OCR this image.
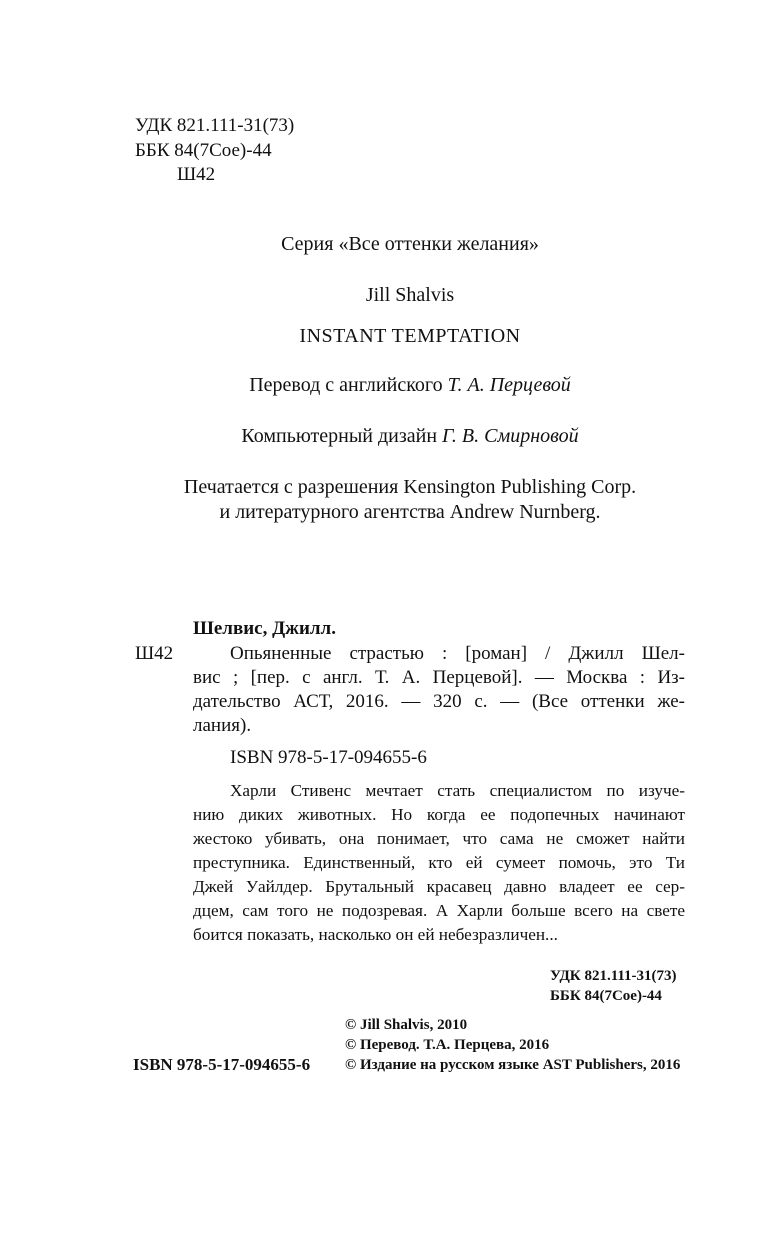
УДК 821.111-31(73)
ББК 84(7Сое)-44
Ш42
Серия «Все оттенки желания»
Jill Shalvis
INSTANT TEMPTATION
Перевод с английского Т. А. Перцевой
Компьютерный дизайн Г. В. Смирновой
Печатается с разрешения Kensington Publishing Corp.
и литературного агентства Andrew Nurnberg.
Шелвис, Джилл.
Ш42	Опьяненные страстью : [роман] / Джилл Шел-
вис ; [пер. с англ. Т. А. Перцевой]. — Москва : Из-
дательство АСТ, 2016. — 320 с. — (Все оттенки же-
лания).
ISBN 978-5-17-094655-6
Харли Стивенс мечтает стать специалистом по изуче-
нию диких животных. Но когда ее подопечных начинают
жестоко убивать, она понимает, что сама не сможет найти
преступника. Единственный, кто ей сумеет помочь, это Ти
Джей Уайлдер. Брутальный красавец давно владеет ее сер-
дцем, сам того не подозревая. А Харли больше всего на свете
боится показать, насколько он ей небезразличен...
УДК 821.111-31(73)
ББК 84(7Сое)-44
© Jill Shalvis, 2010
© Перевод. Т.А. Перцева, 2016
ISBN 978-5-17-094655-6 © Издание на русском языке AST Publishers, 2016
